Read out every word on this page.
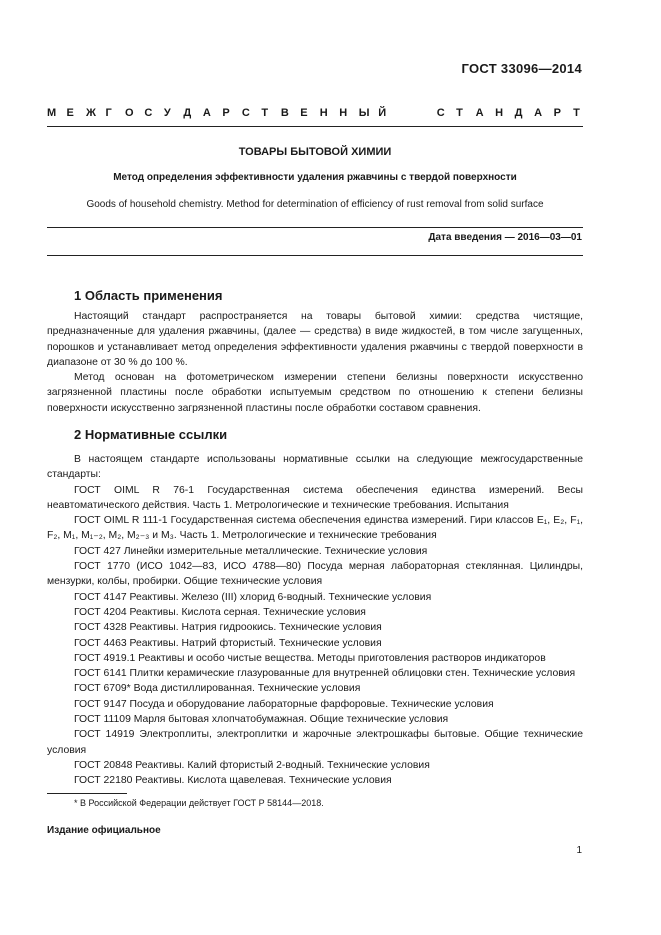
ГОСТ 33096—2014
М Е Ж Г О С У Д А Р С Т В Е Н Н Ы Й	С Т А Н Д А Р Т
ТОВАРЫ БЫТОВОЙ ХИМИИ
Метод определения эффективности удаления ржавчины с твердой поверхности
Goods of household chemistry. Method for determination of efficiency of rust removal from solid surface
Дата введения — 2016—03—01
1 Область применения

Настоящий стандарт распространяется на товары бытовой химии: средства чистящие, предназначенные для удаления ржавчины, (далее — средства) в виде жидкостей, в том числе загущенных, порошков и устанавливает метод определения эффективности удаления ржавчины с твердой поверхности в диапазоне от 30 % до 100 %.

Метод основан на фотометрическом измерении степени белизны поверхности искусственно загрязненной пластины после обработки испытуемым средством по отношению к степени белизны поверхности искусственно загрязненной пластины после обработки составом сравнения.

2 Нормативные ссылки

В настоящем стандарте использованы нормативные ссылки на следующие межгосударственные стандарты:

ГОСТ OIML R 76-1 Государственная система обеспечения единства измерений. Весы неавтоматического действия. Часть 1. Метрологические и технические требования. Испытания

ГОСТ OIML R 111-1 Государственная система обеспечения единства измерений. Гири классов E₁, E₂, F₁, F₂, M₁, M₁₋₂, M₂, M₂₋₃ и M₃. Часть 1. Метрологические и технические требования

ГОСТ 427 Линейки измерительные металлические. Технические условия

ГОСТ 1770 (ИСО 1042—83, ИСО 4788—80) Посуда мерная лабораторная стеклянная. Цилиндры, мензурки, колбы, пробирки. Общие технические условия

ГОСТ 4147 Реактивы. Железо (III) хлорид 6-водный. Технические условия

ГОСТ 4204 Реактивы. Кислота серная. Технические условия

ГОСТ 4328 Реактивы. Натрия гидроокись. Технические условия

ГОСТ 4463 Реактивы. Натрий фтористый. Технические условия

ГОСТ 4919.1 Реактивы и особо чистые вещества. Методы приготовления растворов индикаторов

ГОСТ 6141 Плитки керамические глазурованные для внутренней облицовки стен. Технические условия

ГОСТ 6709* Вода дистиллированная. Технические условия

ГОСТ 9147 Посуда и оборудование лабораторные фарфоровые. Технические условия

ГОСТ 11109 Марля бытовая хлопчатобумажная. Общие технические условия

ГОСТ 14919 Электроплиты, электроплитки и жарочные электрошкафы бытовые. Общие технические условия

ГОСТ 20848 Реактивы. Калий фтористый 2-водный. Технические условия

ГОСТ 22180 Реактивы. Кислота щавелевая. Технические условия

* В Российской Федерации действует ГОСТ Р 58144—2018.
Издание официальное
1
